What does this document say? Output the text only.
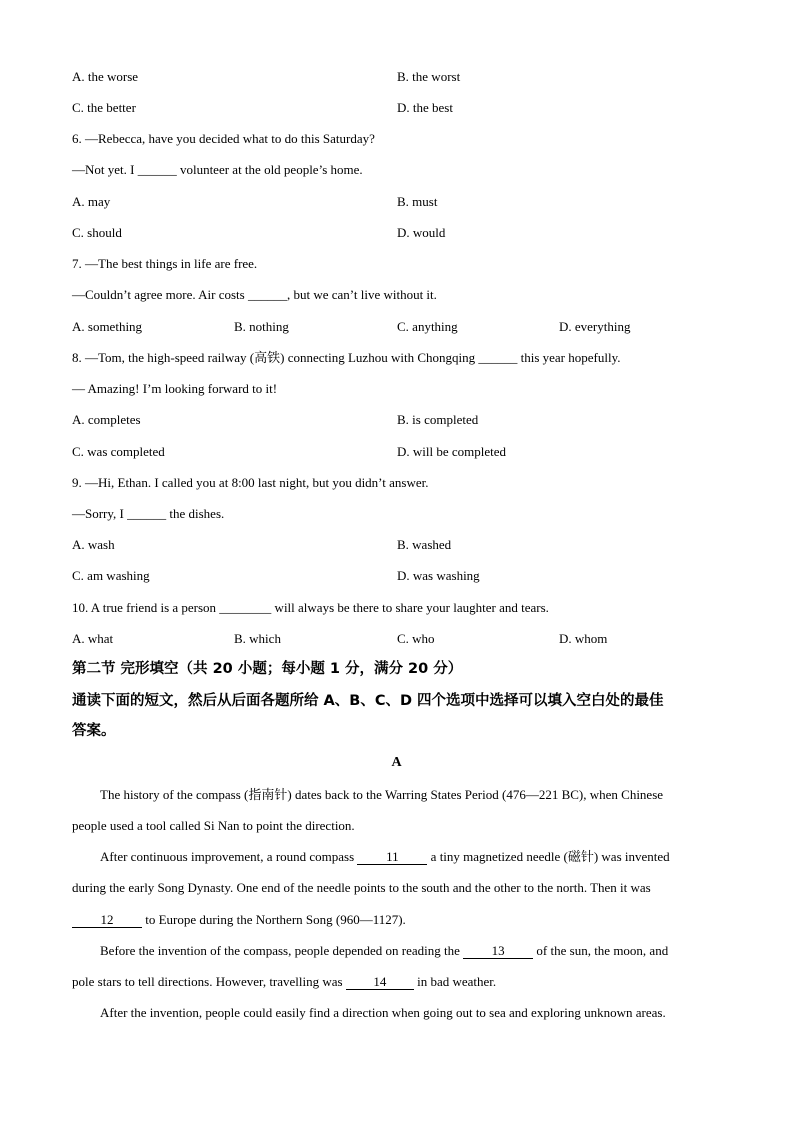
A. the worse	B. the worst
C. the better	D. the best
6. —Rebecca, have you decided what to do this Saturday?
—Not yet. I ______ volunteer at the old people’s home.
A. may	B. must
C. should	D. would
7. —The best things in life are free.
—Couldn’t agree more. Air costs ______, but we can’t live without it.
A. something	B. nothing	C. anything	D. everything
8. —Tom, the high-speed railway (高铁) connecting Luzhou with Chongqing ______ this year hopefully.
— Amazing! I’m looking forward to it!
A. completes	B. is completed
C. was completed	D. will be completed
9. —Hi, Ethan. I called you at 8:00 last night, but you didn’t answer.
—Sorry, I ______ the dishes.
A. wash	B. washed
C. am washing	D. was washing
10. A true friend is a person ________ will always be there to share your laughter and tears.
A. what	B. which	C. who	D. whom
第二节 完形填空（共 20 小题；每小题 1 分，满分 20 分）
通读下面的短文，然后从后面各题所给 A、B、C、D 四个选项中选择可以填入空白处的最佳
答案。
A
The history of the compass (指南针) dates back to the Warring States Period (476—221 BC), when Chinese
people used a tool called Si Nan to point the direction.
After continuous improvement, a round compass 11 a tiny magnetized needle (磁针) was invented
during the early Song Dynasty. One end of the needle points to the south and the other to the north. Then it was
12 to Europe during the Northern Song (960—1127).
Before the invention of the compass, people depended on reading the 13 of the sun, the moon, and
pole stars to tell directions. However, travelling was 14 in bad weather.
After the invention, people could easily find a direction when going out to sea and exploring unknown areas.
